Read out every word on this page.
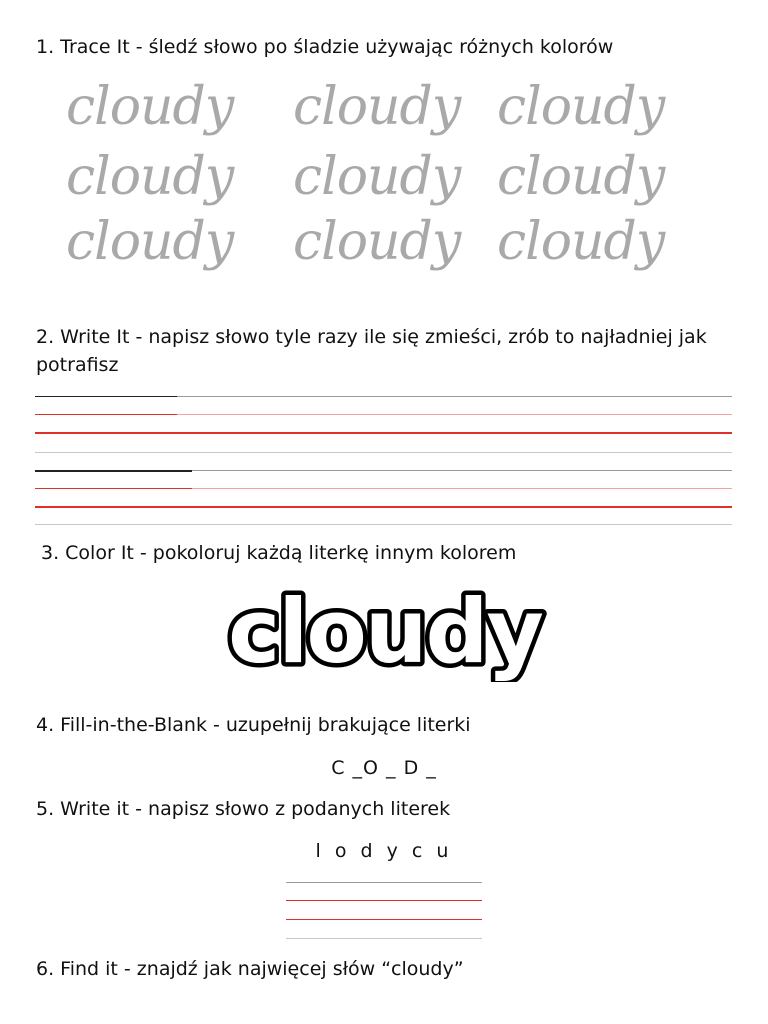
1. Trace It - śledź słowo po śladzie używając różnych kolorów
cloudy cloudy cloudy
cloudy cloudy cloudy
cloudy cloudy cloudy
2. Write It - napisz słowo tyle razy ile się zmieści, zrób to najładniej jak potrafisz
3. Color It - pokoloruj każdą literkę innym kolorem
cloudy
4. Fill-in-the-Blank - uzupełnij brakujące literki
C _O _ D _
5. Write it - napisz słowo z podanych literek
l o d y c u
6. Find it - znajdź jak najwięcej słów “cloudy”
